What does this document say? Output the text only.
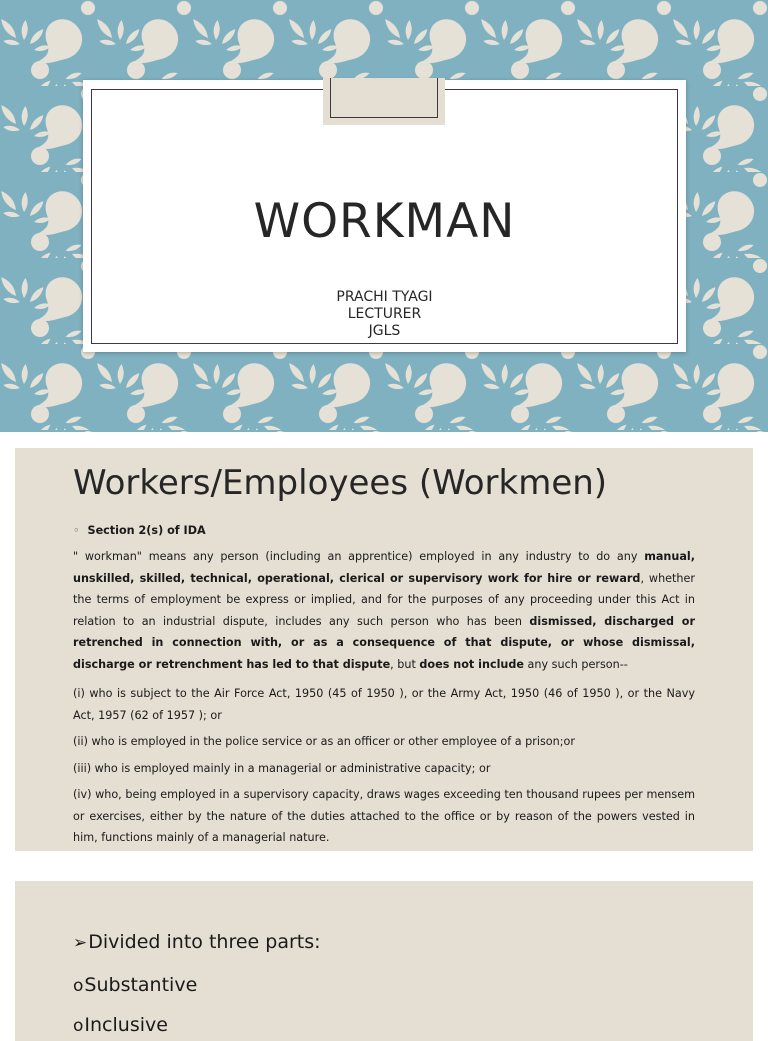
WORKMAN
PRACHI TYAGI
LECTURER
JGLS
Workers/Employees (Workmen)
◦ Section 2(s) of IDA

" workman" means any person (including an apprentice) employed in any industry to do any manual, unskilled, skilled, technical, operational, clerical or supervisory work for hire or reward, whether the terms of employment be express or implied, and for the purposes of any proceeding under this Act in relation to an industrial dispute, includes any such person who has been dismissed, discharged or retrenched in connection with, or as a consequence of that dispute, or whose dismissal, discharge or retrenchment has led to that dispute, but does not include any such person--

(i) who is subject to the Air Force Act, 1950 (45 of 1950 ), or the Army Act, 1950 (46 of 1950 ), or the Navy Act, 1957 (62 of 1957 ); or

(ii) who is employed in the police service or as an officer or other employee of a prison;or

(iii) who is employed mainly in a managerial or administrative capacity; or

(iv) who, being employed in a supervisory capacity, draws wages exceeding ten thousand rupees per mensem or exercises, either by the nature of the duties attached to the office or by reason of the powers vested in him, functions mainly of a managerial nature.

➢Divided into three parts:
oSubstantive
oInclusive
